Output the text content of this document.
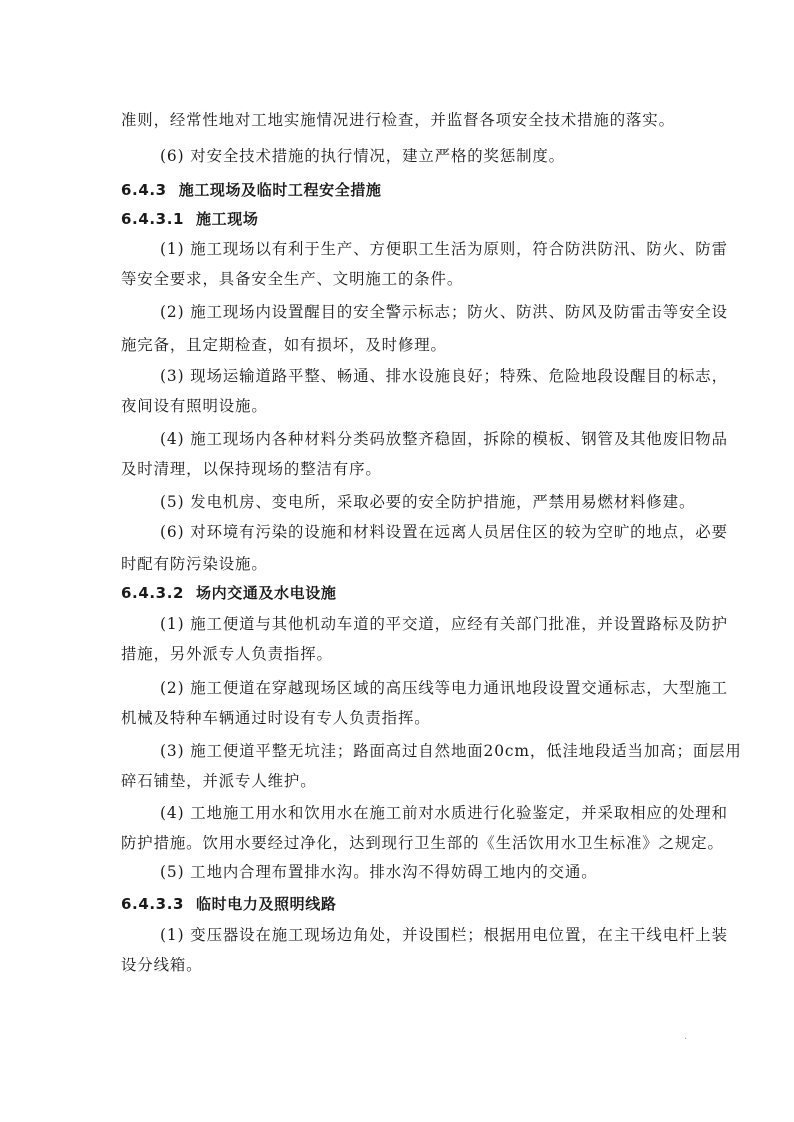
准则，经常性地对工地实施情况进行检查，并监督各项安全技术措施的落实。
(6) 对安全技术措施的执行情况，建立严格的奖惩制度。
6.4.3 施工现场及临时工程安全措施
6.4.3.1 施工现场
(1) 施工现场以有利于生产、方便职工生活为原则，符合防洪防汛、防火、防雷
等安全要求，具备安全生产、文明施工的条件。
(2) 施工现场内设置醒目的安全警示标志；防火、防洪、防风及防雷击等安全设
施完备，且定期检查，如有损坏，及时修理。
(3) 现场运输道路平整、畅通、排水设施良好；特殊、危险地段设醒目的标志，
夜间设有照明设施。
(4) 施工现场内各种材料分类码放整齐稳固，拆除的模板、钢管及其他废旧物品
及时清理，以保持现场的整洁有序。
(5) 发电机房、变电所，采取必要的安全防护措施，严禁用易燃材料修建。
(6) 对环境有污染的设施和材料设置在远离人员居住区的较为空旷的地点，必要
时配有防污染设施。
6.4.3.2 场内交通及水电设施
(1) 施工便道与其他机动车道的平交道，应经有关部门批准，并设置路标及防护
措施，另外派专人负责指挥。
(2) 施工便道在穿越现场区域的高压线等电力通讯地段设置交通标志，大型施工
机械及特种车辆通过时设有专人负责指挥。
(3) 施工便道平整无坑洼；路面高过自然地面20cm，低洼地段适当加高；面层用
碎石铺垫，并派专人维护。
(4) 工地施工用水和饮用水在施工前对水质进行化验鉴定，并采取相应的处理和
防护措施。饮用水要经过净化，达到现行卫生部的《生活饮用水卫生标准》之规定。
(5) 工地内合理布置排水沟。排水沟不得妨碍工地内的交通。
6.4.3.3 临时电力及照明线路
(1) 变压器设在施工现场边角处，并设围栏；根据用电位置，在主干线电杆上装
设分线箱。
·
